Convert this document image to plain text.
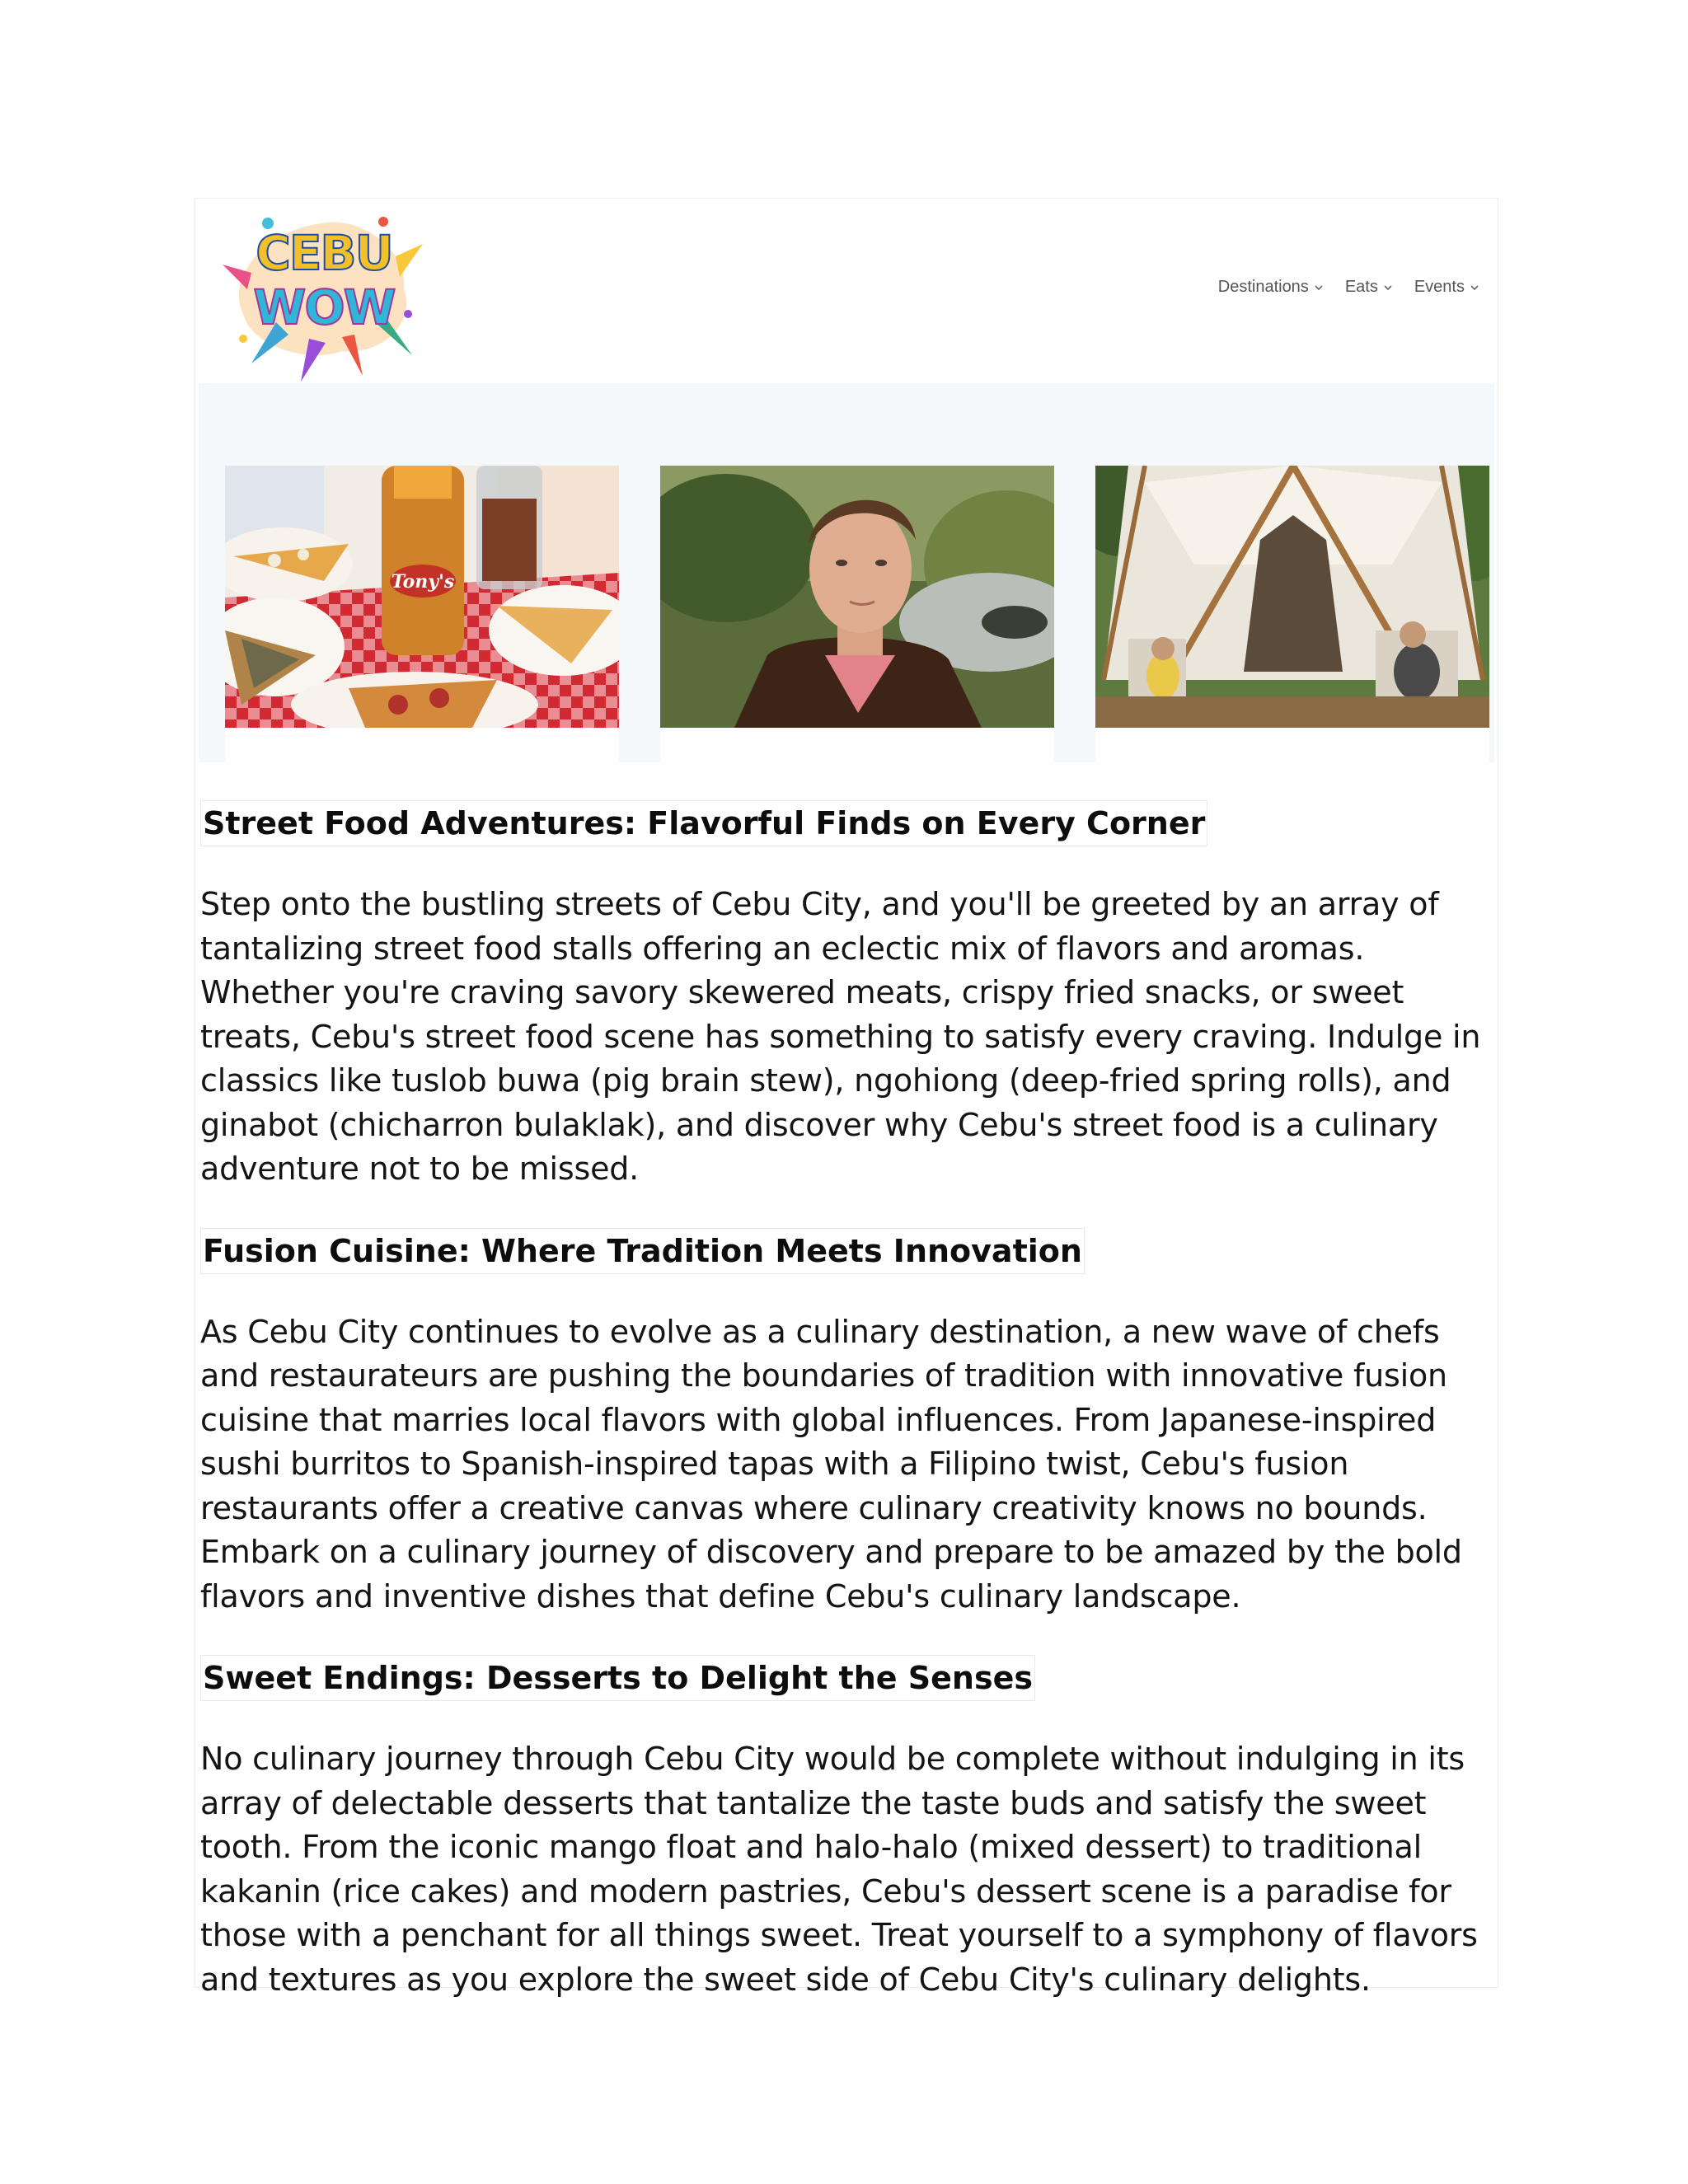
CEBU
WOW	Destinations Eats Events
Tony's
Street Food Adventures: Flavorful Finds on Every Corner

Step onto the bustling streets of Cebu City, and you'll be greeted by an array of tantalizing street food stalls offering an eclectic mix of flavors and aromas. Whether you're craving savory skewered meats, crispy fried snacks, or sweet treats, Cebu's street food scene has something to satisfy every craving. Indulge in classics like tuslob buwa (pig brain stew), ngohiong (deep-fried spring rolls), and ginabot (chicharron bulaklak), and discover why Cebu's street food is a culinary adventure not to be missed.

Fusion Cuisine: Where Tradition Meets Innovation

As Cebu City continues to evolve as a culinary destination, a new wave of chefs and restaurateurs are pushing the boundaries of tradition with innovative fusion cuisine that marries local flavors with global influences. From Japanese-inspired sushi burritos to Spanish-inspired tapas with a Filipino twist, Cebu's fusion restaurants offer a creative canvas where culinary creativity knows no bounds. Embark on a culinary journey of discovery and prepare to be amazed by the bold flavors and inventive dishes that define Cebu's culinary landscape.

Sweet Endings: Desserts to Delight the Senses

No culinary journey through Cebu City would be complete without indulging in its array of delectable desserts that tantalize the taste buds and satisfy the sweet tooth. From the iconic mango float and halo-halo (mixed dessert) to traditional kakanin (rice cakes) and modern pastries, Cebu's dessert scene is a paradise for those with a penchant for all things sweet. Treat yourself to a symphony of flavors and textures as you explore the sweet side of Cebu City's culinary delights.
